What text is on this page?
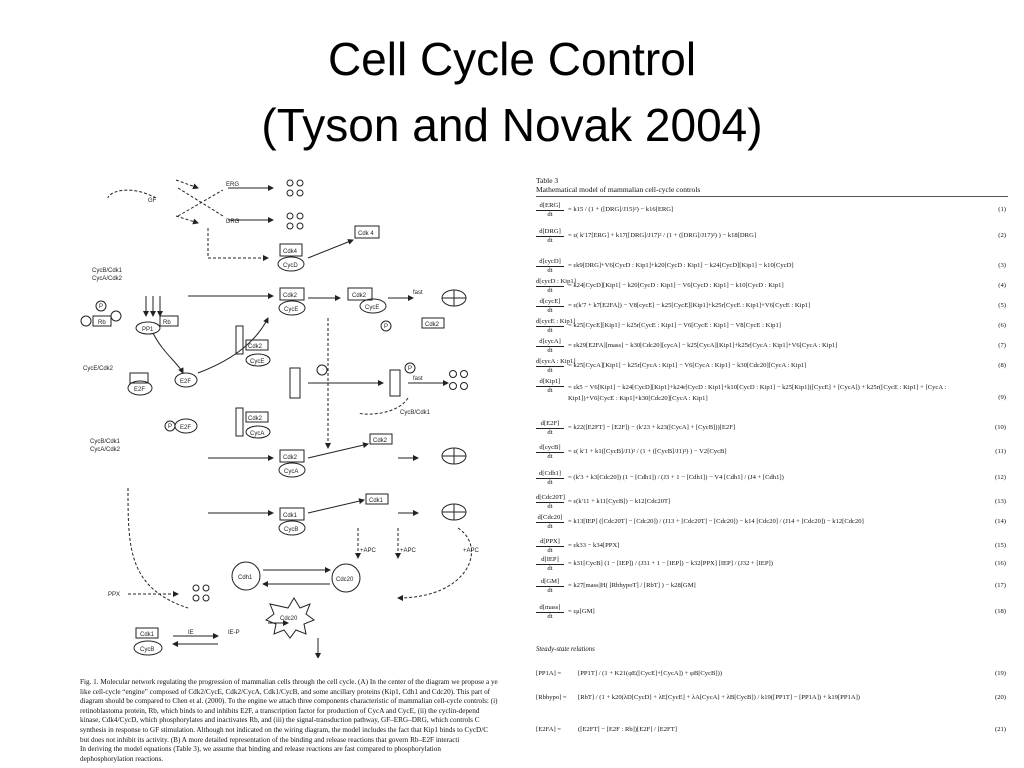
Cell Cycle Control
(Tyson and Novak 2004)
GF
ERG
DRG
Cdk4
CycD
Cdk 4
CycB/Cdk1
CycA/Cdk2
Rb	Rb
PP1
CycE/Cdk2
E2F
E2F
E2F
Cdk2
CycE
Cdk2
CycE
fast
Cdk2
Cdk2
CycE
Cdk2
CycA
fast
CycB/Cdk1
CycB/Cdk1
CycA/Cdk2
Cdk2
CycA
Cdk2
Cdk1
CycB
Cdk1
Cdh1	Cdc20
Cdc20
PPX
IE	IE-P
Cdk1
CycB
+APC	+APC	+APC
P
P
P
P
Fig. 1. Molecular network regulating the progression of mammalian cells through the cell cycle. (A) In the center of the diagram we propose a ye
like cell-cycle “engine” composed of Cdk2/CycE, Cdk2/CycA, Cdk1/CycB, and some ancillary proteins (Kip1, Cdh1 and Cdc20). This part of
diagram should be compared to Chen et al. (2000). To the engine we attach three components characteristic of mammalian cell-cycle controls: (i)
retinoblastoma protein, Rb, which binds to and inhibits E2F, a transcription factor for production of CycA and CycE, (ii) the cyclin-depend
kinase, Cdk4/CycD, which phosphorylates and inactivates Rb, and (iii) the signal-transduction pathway, GF–ERG–DRG, which controls C
synthesis in response to GF stimulation. Although not indicated on the wiring diagram, the model includes the fact that Kip1 binds to CycD/C
but does not inhibit its activity. (B) A more detailed representation of the binding and release reactions that govern Rb–E2F interacti
In deriving the model equations (Table 3), we assume that binding and release reactions are fast compared to phosphorylation
dephosphorylation reactions.
Table 3
Mathematical model of mammalian cell-cycle controls
d[ERG]
dt
= k15 / (1 + ([DRG]/J15)²) − k16[ERG]	(1)
d[DRG]
dt
= ε( k′17[ERG] + k17([DRG]/J17)² / (1 + ([DRG]/J17)²) ) − k18[DRG]	(2)
d[cycD]
dt
= εk9[DRG]+V6[CycD : Kip1]+k20[CycD : Kip1] − k24[CycD][Kip1] − k10[CycD]	(3)
d[cycD : Kip1]
dt
= k24[CycD][Kip1] − k20[CycD : Kip1] − V6[CycD : Kip1] − k10[CycD : Kip1]	(4)
d[cycE]
dt
= ε(k′7 + k7[E2FA]) − V8[cycE] − k25[CycE][Kip1]+k25r[CycE : Kip1]+V6[CycE : Kip1]	(5)
d[cycE : Kip1]
dt
= k25[CycE][Kip1] − k25r[CycE : Kip1] − V6[CycE : Kip1] − V8[CycE : Kip1]	(6)
d[cycA]
dt
= εk29[E2FA][mass] − k30[Cdc20][cycA] − k25[CycA][Kip1]+k25r[CycA : Kip1]+V6[CycA : Kip1]	(7)
d[cycA : Kip1]
dt
= k25[CycA][Kip1] − k25r[CycA : Kip1] − V6[CycA : Kip1] − k30[Cdc20][CycA : Kip1]	(8)
d[Kip1]
dt	= εk5 − V6[Kip1] − k24[CycD][Kip1]+k24r[CycD : Kip1]+k10[CycD : Kip1] − k25[Kip1]([CycE] + [CycA]) + k25r([CycE : Kip1] + [CycA : Kip1])+V6[CycE : Kip1]+k30[Cdc20][CycA : Kip1]	(9)
$\frac{d[E2F]}{dt} = k22([E2FT] - [E2F]) - (k'23$ + k23([CycA] + [CycB]))[E2F]	(10)
d[cycB]
dt
= ε( k′1 + k1([CycB]/J1)² / (1 + ([CycB]/J1)²) ) − V2[CycB]	(11)
d[Cdh1]
dt
= (k′3 + k3[Cdc20]) (1 − [Cdh1]) / (J3 + 1 − [Cdh1]) − V4 [Cdh1] / (J4 + [Cdh1])	(12)
d[Cdc20T]
dt
= ε(k′11 + k11[CycB]) − k12[Cdc20T]	(13)
d[Cdc20]
dt
= k13[IEP] ([Cdc20T] − [Cdc20]) / (J13 + [Cdc20T] − [Cdc20]) − k14 [Cdc20] / (J14 + [Cdc20]) − k12[Cdc20]	(14)
d[PPX]
dt
= εk33 − k34[PPX]	(15)
d[IEP]
dt
= k31[CycB] (1 − [IEP]) / (J31 + 1 − [IEP]) − k32[PPX] [IEP] / (J32 + [IEP])	(16)
$\frac{d[GM]}{dt}$ = k27[mass]H( [RbhypoT] / [RbT] ) − k28[GM]	(17)
d[mass]
dt
= εμ[GM]	(18)
Steady-state relations
[PP1A] =	[PP1T] / (1 + K21(φE([CycE]+[CycA]) + φB[CycB]))	(19)
[Rbhypo] = [RbT] / (1 + k20(λD[CycD] + λE[CycE] + λA[CycA] + λB[CycB]) / k19([PP1T] − [PP1A]) + k19[PP1A])	(20)
[E2FA] =	([E2FT] − [E2F : Rb])[E2F] / [E2FT]	(21)
